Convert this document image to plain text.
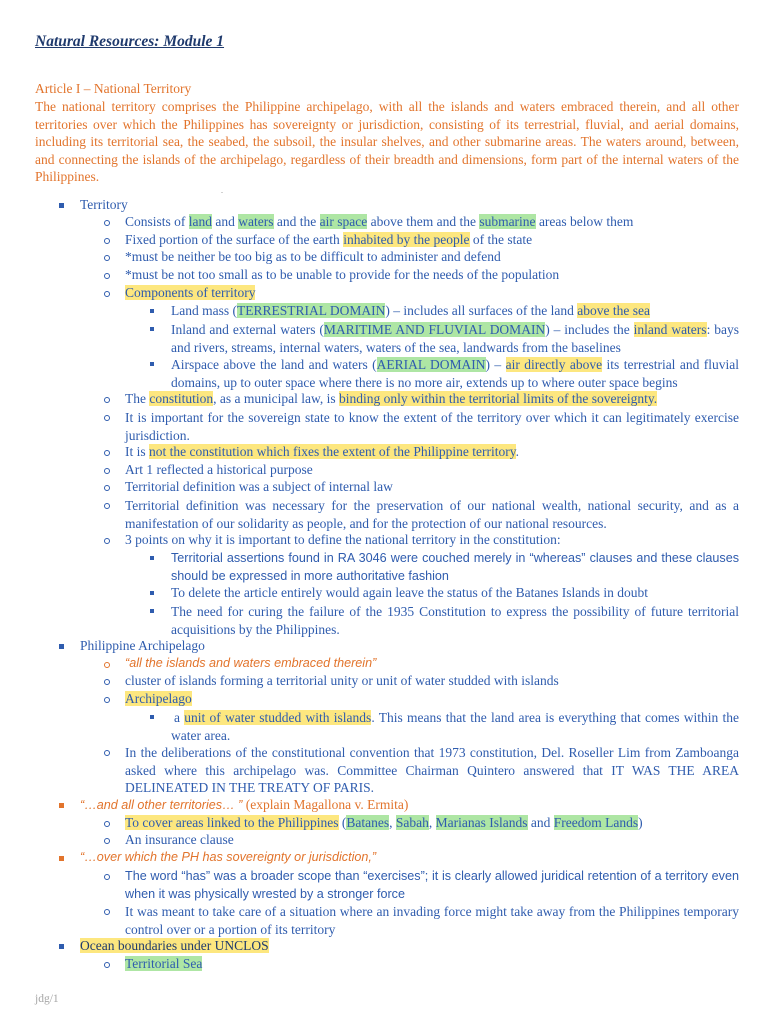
Natural Resources: Module 1
Article I – National Territory
The national territory comprises the Philippine archipelago, with all the islands and waters embraced therein, and all other territories over which the Philippines has sovereignty or jurisdiction, consisting of its terrestrial, fluvial, and aerial domains, including its territorial sea, the seabed, the subsoil, the insular shelves, and other submarine areas. The waters around, between, and connecting the islands of the archipelago, regardless of their breadth and dimensions, form part of the internal waters of the Philippines.
.
Territory
Consists of land and waters and the air space above them and the submarine areas below them
Fixed portion of the surface of the earth inhabited by the people of the state
*must be neither be too big as to be difficult to administer and defend
*must be not too small as to be unable to provide for the needs of the population
Components of territory
Land mass (TERRESTRIAL DOMAIN) – includes all surfaces of the land above the sea
Inland and external waters (MARITIME AND FLUVIAL DOMAIN) – includes the inland waters: bays and rivers, streams, internal waters, waters of the sea, landwards from the baselines
Airspace above the land and waters (AERIAL DOMAIN) – air directly above its terrestrial and fluvial domains, up to outer space where there is no more air, extends up to where outer space begins
The constitution, as a municipal law, is binding only within the territorial limits of the sovereignty.
It is important for the sovereign state to know the extent of the territory over which it can legitimately exercise jurisdiction.
It is not the constitution which fixes the extent of the Philippine territory.
Art 1 reflected a historical purpose
Territorial definition was a subject of internal law
Territorial definition was necessary for the preservation of our national wealth, national security, and as a manifestation of our solidarity as people, and for the protection of our national resources.
3 points on why it is important to define the national territory in the constitution:
Territorial assertions found in RA 3046 were couched merely in “whereas” clauses and these clauses should be expressed in more authoritative fashion
To delete the article entirely would again leave the status of the Batanes Islands in doubt
The need for curing the failure of the 1935 Constitution to express the possibility of future territorial acquisitions by the Philippines.
Philippine Archipelago
“all the islands and waters embraced therein”
cluster of islands forming a territorial unity or unit of water studded with islands
Archipelago
a unit of water studded with islands. This means that the land area is everything that comes within the water area.
In the deliberations of the constitutional convention that 1973 constitution, Del. Roseller Lim from Zamboanga asked where this archipelago was. Committee Chairman Quintero answered that IT WAS THE AREA DELINEATED IN THE TREATY OF PARIS.
“…and all other territories… ” (explain Magallona v. Ermita)
To cover areas linked to the Philippines (Batanes, Sabah, Marianas Islands and Freedom Lands)
An insurance clause
“…over which the PH has sovereignty or jurisdiction,”
The word “has” was a broader scope than “exercises”; it is clearly allowed juridical retention of a territory even when it was physically wrested by a stronger force
It was meant to take care of a situation where an invading force might take away from the Philippines temporary control over or a portion of its territory
Ocean boundaries under UNCLOS
Territorial Sea
jdg/1
